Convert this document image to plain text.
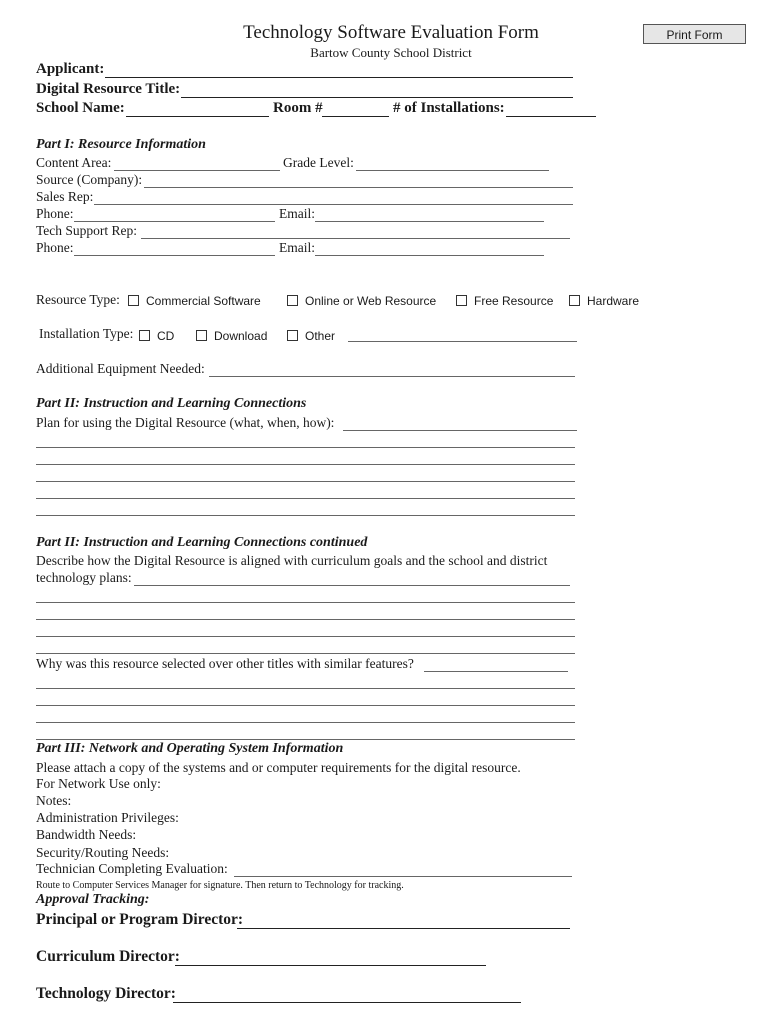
Technology Software Evaluation Form
Bartow County School District
Print Form
Applicant:
Digital Resource Title:
School Name:	Room #	# of Installations:
Part I: Resource Information
Content Area:	Grade Level:
Source (Company):
Sales Rep:
Phone:	Email:
Tech Support Rep:
Phone:	Email:
Resource Type: Commercial Software	Online or Web Resource	Free Resource	Hardware
Installation Type: CD	Download	Other
Additional Equipment Needed:
Part II: Instruction and Learning Connections
Plan for using the Digital Resource (what, when, how):
Part II: Instruction and Learning Connections continued
Describe how the Digital Resource is aligned with curriculum goals and the school and district
technology plans:
Why was this resource selected over other titles with similar features?
Part III: Network and Operating System Information
Please attach a copy of the systems and or computer requirements for the digital resource.
For Network Use only:
Notes:
Administration Privileges:
Bandwidth Needs:
Security/Routing Needs:
Technician Completing Evaluation:
Route to Computer Services Manager for signature. Then return to Technology for tracking.
Approval Tracking:
Principal or Program Director:
Curriculum Director:
Technology Director:
